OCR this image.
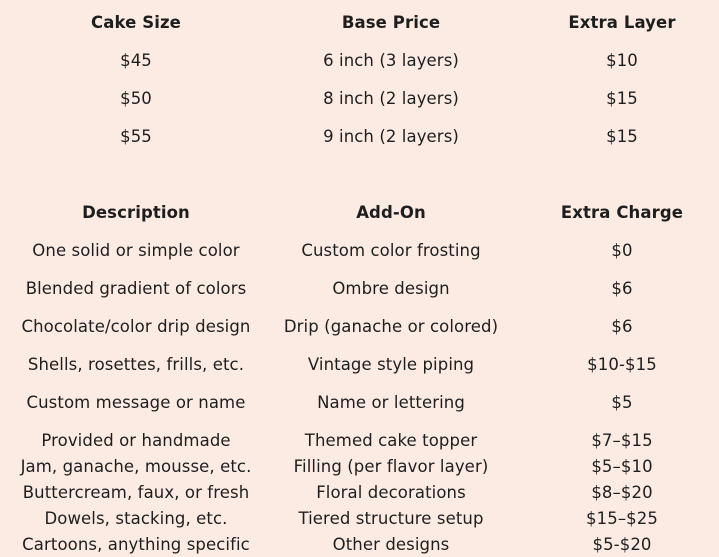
Cake Size	Base Price	Extra Layer
$45	6 inch (3 layers)	$10
$50	8 inch (2 layers)	$15
$55	9 inch (2 layers)	$15
Description	Add-On	Extra Charge
One solid or simple color	Custom color frosting	$0
Blended gradient of colors	Ombre design	$6
Chocolate/color drip design	Drip (ganache or colored)	$6
Shells, rosettes, frills, etc.	Vintage style piping	$10-$15
Custom message or name	Name or lettering	$5
Provided or handmade	Themed cake topper	$7–$15
Jam, ganache, mousse, etc.	Filling (per flavor layer)	$5–$10
Buttercream, faux, or fresh	Floral decorations	$8–$20
Dowels, stacking, etc.	Tiered structure setup	$15–$25
Cartoons, anything specific	Other designs	$5-$20
